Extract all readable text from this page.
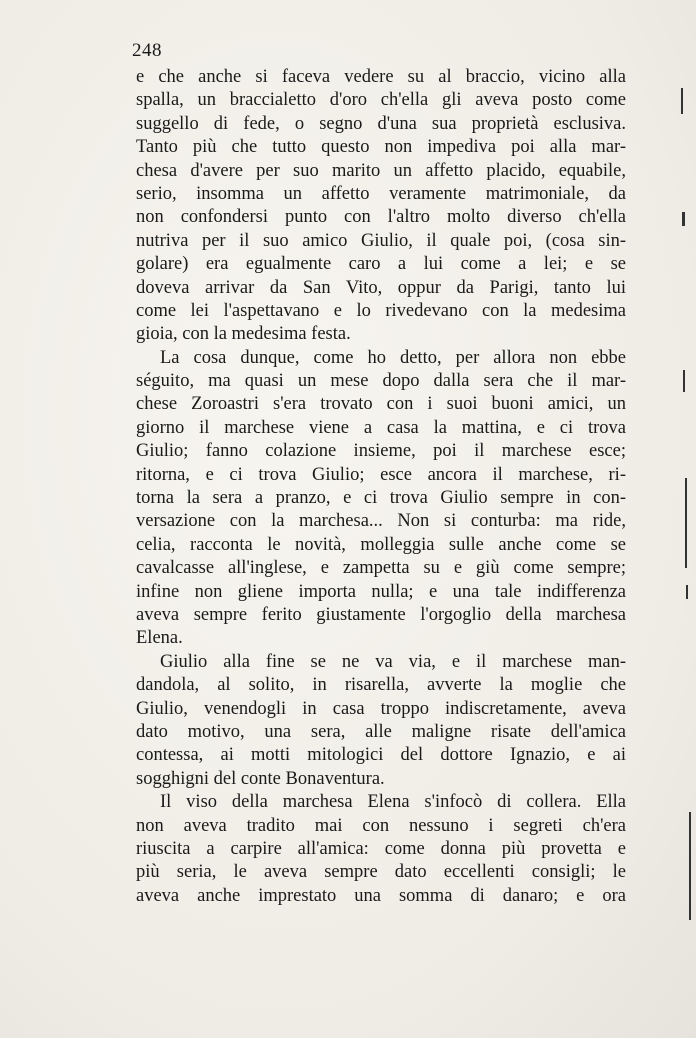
248
e che anche si faceva vedere su al braccio, vicino alla
spalla, un braccialetto d'oro ch'ella gli aveva posto come
suggello di fede, o segno d'una sua proprietà esclusiva.
Tanto più che tutto questo non impediva poi alla mar-
chesa d'avere per suo marito un affetto placido, equabile,
serio, insomma un affetto veramente matrimoniale, da
non confondersi punto con l'altro molto diverso ch'ella
nutriva per il suo amico Giulio, il quale poi, (cosa sin-
golare) era egualmente caro a lui come a lei; e se
doveva arrivar da San Vito, oppur da Parigi, tanto lui
come lei l'aspettavano e lo rivedevano con la medesima
gioia, con la medesima festa.
La cosa dunque, come ho detto, per allora non ebbe
séguito, ma quasi un mese dopo dalla sera che il mar-
chese Zoroastri s'era trovato con i suoi buoni amici, un
giorno il marchese viene a casa la mattina, e ci trova
Giulio; fanno colazione insieme, poi il marchese esce;
ritorna, e ci trova Giulio; esce ancora il marchese, ri-
torna la sera a pranzo, e ci trova Giulio sempre in con-
versazione con la marchesa... Non si conturba: ma ride,
celia, racconta le novità, molleggia sulle anche come se
cavalcasse all'inglese, e zampetta su e giù come sempre;
infine non gliene importa nulla; e una tale indifferenza
aveva sempre ferito giustamente l'orgoglio della marchesa
Elena.
Giulio alla fine se ne va via, e il marchese man-
dandola, al solito, in risarella, avverte la moglie che
Giulio, venendogli in casa troppo indiscretamente, aveva
dato motivo, una sera, alle maligne risate dell'amica
contessa, ai motti mitologici del dottore Ignazio, e ai
sogghigni del conte Bonaventura.
Il viso della marchesa Elena s'infocò di collera. Ella
non aveva tradito mai con nessuno i segreti ch'era
riuscita a carpire all'amica: come donna più provetta e
più seria, le aveva sempre dato eccellenti consigli; le
aveva anche imprestato una somma di danaro; e ora
